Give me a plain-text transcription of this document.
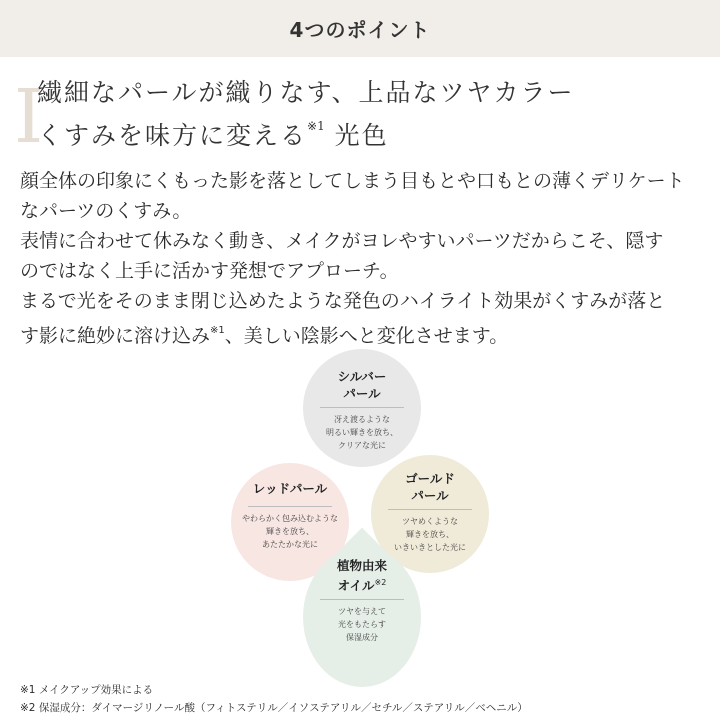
4つのポイント
I
繊細なパールが織りなす、上品なツヤカラー
くすみを味方に変える$^{※1}$ 光色
顔全体の印象にくもった影を落としてしまう目もとや口もとの薄くデリケート
なパーツのくすみ。
表情に合わせて休みなく動き、メイクがヨレやすいパーツだからこそ、隠す
のではなく上手に活かす発想でアプローチ。
まるで光をそのまま閉じ込めたような発色のハイライト効果がくすみが落と
す影に絶妙に溶け込み$^{※1}$、美しい陰影へと変化させます。
シルバー
パール
冴え渡るような
明るい輝きを放ち、
クリアな光に
レッドパール
やわらかく包み込むような
輝きを放ち、
あたたかな光に
ゴールド
パール
ツヤめくような
輝きを放ち、
いきいきとした光に
植物由来
オイル$^{※2}$
ツヤを与えて
光をもたらす
保湿成分
※1 メイクアップ効果による
※2 保湿成分：ダイマージリノール酸（フィトステリル／イソステアリル／セチル／ステアリル／ベヘニル）
